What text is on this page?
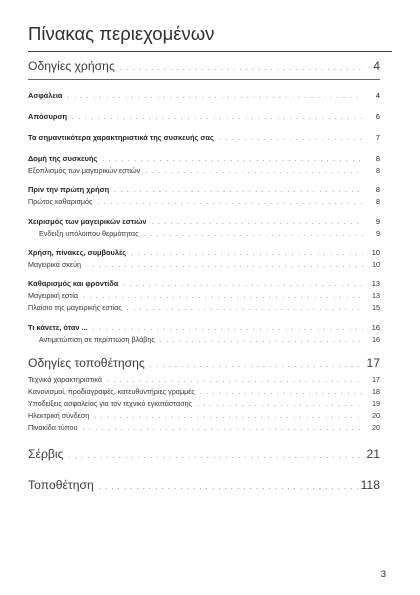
Πίνακας περιεχομένων
Οδηγίες χρήσης . . .	4
Ασφάλεια . . .	4
Απόσυρση . . .	6
Τα σημαντικότερα χαρακτηριστικά της συσκευής σας . . .	7
Δομή της συσκευής . . .	8
Εξοπλισμός των μαγειρικών εστιών . . .	8
Πριν την πρώτη χρήση . . .	8
Πρώτος καθαρισμός . . .	8
Χειρισμός των μαγειρικών εστιών . . .	9
Ενδειξη υπόλοιπου θερμότητας . . .	9
Χρήση, πίνακες, συμβουλές . . .	10
Μαγειρικά σκεύη . . .	10
Καθαρισμός και φροντίδα . . .	13
Μαγειρική εστία . . .	13
Πλαίσιο της μαγειρικής εστίας . . .	15
Τι κάνετε, όταν ... . . .	16
Αντιμετώπιση σε περίπτωση βλάβης . . .	16
Οδηγίες τοποθέτησης . . .	17
Τεχνικά χαρακτηριστικά . . .	17
Κανονισμοί, προδιαγραφές, κατευθυντήριες γραμμές . . .	18
Υποδείξεις ασφαλείας για τον τεχνικό εγκατάστασης . . .	19
Ηλεκτρική σύνδεση . . .	20
Πινακίδα τύπου . . .	20
Σέρβις . . .	21
Τοποθέτηση . . .	118
3
